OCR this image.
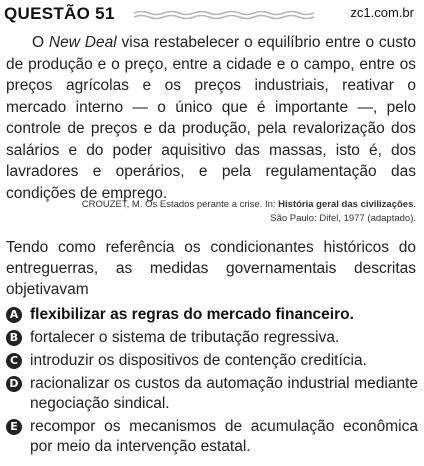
QUESTÃO 51	zc1.com.br
O New Deal visa restabelecer o equilíbrio entre o custo de produção e o preço, entre a cidade e o campo, entre os preços agrícolas e os preços industriais, reativar o mercado interno — o único que é importante —, pelo controle de preços e da produção, pela revalorização dos salários e do poder aquisitivo das massas, isto é, dos lavradores e operários, e pela regulamentação das condições de emprego.
CROUZET, M. Os Estados perante a crise. In: História geral das civilizações.
São Paulo: Difel, 1977 (adaptado).
Tendo como referência os condicionantes históricos do entreguerras, as medidas governamentais descritas objetivavam
A flexibilizar as regras do mercado financeiro.
B fortalecer o sistema de tributação regressiva.
C introduzir os dispositivos de contenção creditícia.
D racionalizar os custos da automação industrial mediante negociação sindical.
E recompor os mecanismos de acumulação econômica por meio da intervenção estatal.
